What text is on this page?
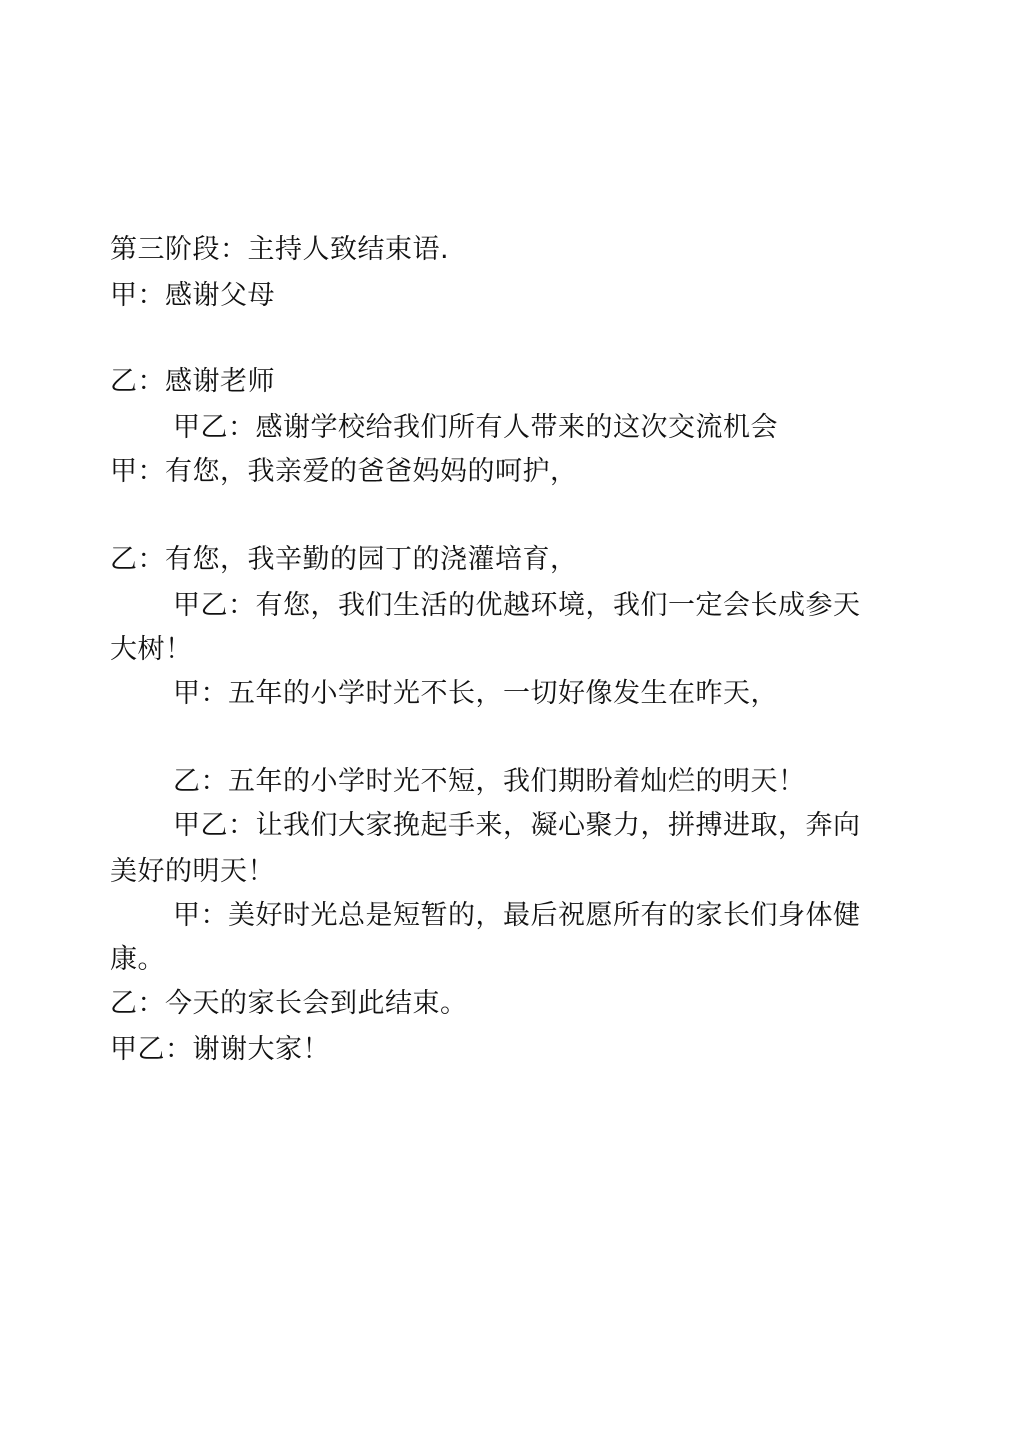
第三阶段：主持人致结束语.
甲：感谢父母
乙：感谢老师
甲乙：感谢学校给我们所有人带来的这次交流机会
甲：有您，我亲爱的爸爸妈妈的呵护，
乙：有您，我辛勤的园丁的浇灌培育，
甲乙：有您，我们生活的优越环境，我们一定会长成参天
大树！
甲：五年的小学时光不长，一切好像发生在昨天，
乙：五年的小学时光不短，我们期盼着灿烂的明天！
甲乙：让我们大家挽起手来，凝心聚力，拼搏进取，奔向
美好的明天！
甲：美好时光总是短暂的，最后祝愿所有的家长们身体健
康。
乙：今天的家长会到此结束。
甲乙：谢谢大家！
